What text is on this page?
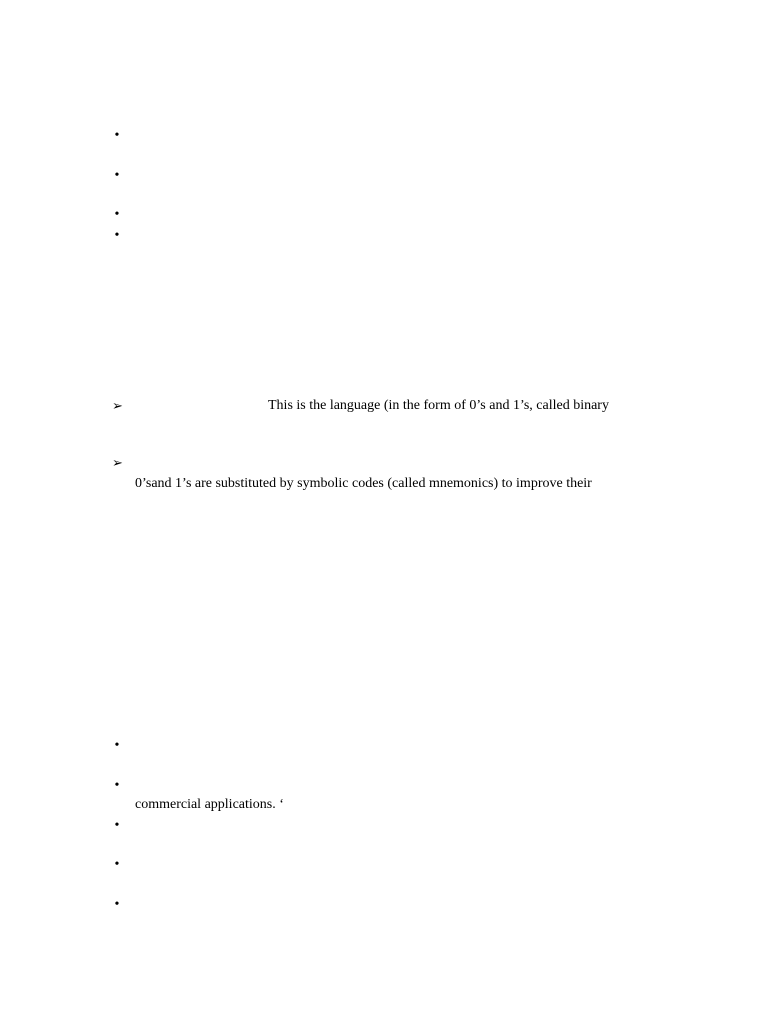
•
•
•
•
➢	This is the language (in the form of 0’s and 1’s, called binary
➢
0’sand 1’s are substituted by symbolic codes (called mnemonics) to improve their
•
•
commercial applications. ‘
•
•
•
